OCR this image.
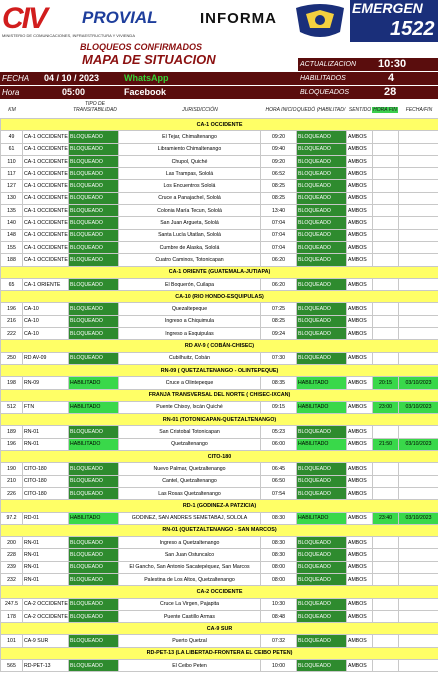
CIV
MINISTERIO DE COMUNICACIONES, INFRAESTRUCTURA Y VIVIENDA
PROVIAL	INFORMA
EMERGEN
1522
BLOQUEOS CONFIRMADOS
MAPA DE SITUACION
FECHA 04 / 10 / 2023	WhatsApp
Hora	05:00	Facebook
ACTUALIZACION 10:30
HABILITADOS	4
BLOQUEADOS	28
KM
TIPO DE TRANSITABILIDAD	JURISDICCIÓN	HORA INICIO QUEDÓ (HABILITAD/ SENTIDO HORA FIN	FECHA/FIN
CA-1 OCCIDENTE								
49	CA-1 OCCIDENTE	BLOQUEADO	El Tejar, Chimaltenango	09:20	BLOQUEADO	AMBOS		
61	CA-1 OCCIDENTE	BLOQUEADO	Libramiento Chimaltenango	09:40	BLOQUEADO	AMBOS		
110	CA-1 OCCIDENTE	BLOQUEADO	Chupol, Quiché	09:20	BLOQUEADO	AMBOS		
117	CA-1 OCCIDENTE	BLOQUEADO	Las Trampas, Sololá	06:52	BLOQUEADO	AMBOS		
127	CA-1 OCCIDENTE	BLOQUEADO	Los Encuentros Sololá	08:25	BLOQUEADO	AMBOS		
130	CA-1 OCCIDENTE	BLOQUEADO	Cruce a Panajachel, Sololá	08:25	BLOQUEADO	AMBOS		
135	CA-1 OCCIDENTE	BLOQUEADO	Colonia María Tecun, Sololá	13:40	BLOQUEADO	AMBOS		
140	CA-1 OCCIDENTE	BLOQUEADO	San Juan Argueta, Sololá	07:04	BLOQUEADO	AMBOS		
148	CA-1 OCCIDENTE	BLOQUEADO	Santa Lucía Utatlan, Sololá	07:04	BLOQUEADO	AMBOS		
155	CA-1 OCCIDENTE	BLOQUEADO	Cumbre de Alaska, Sololá	07:04	BLOQUEADO	AMBOS		
188	CA-1 OCCIDENTE	BLOQUEADO	Cuatro Caminos, Totonicapan	06:20	BLOQUEADO	AMBOS		
CA-1 ORIENTE (GUATEMALA-JUTIAPA)								
65	CA-1 ORIENTE	BLOQUEADO	El Boquerón, Cuilapa	06:20	BLOQUEADO	AMBOS		
CA-10 (RIO HONDO-ESQUIPULAS)								
196	CA-10	BLOQUEADO	Quezaltepeque	07:25	BLOQUEADO	AMBOS		
216	CA-10	BLOQUEADO	Ingreso a Chiquimula	08:25	BLOQUEADO	AMBOS		
222	CA-10	BLOQUEADO	Ingreso a Esquipulas	09:24	BLOQUEADO	AMBOS		
RD AV-9 ( COBÁN-CHISEC)								
250	RD AV-09	BLOQUEADO	Cubilhuitz, Cobán	07:30	BLOQUEADO	AMBOS		
RN-09 ( QUETZALTENANGO - OLINTEPEQUE)								
198	RN-09	HABILITADO	Cruce a Olintepeque	08:35	HABILITADO	AMBOS	20:15	03/10/2023
FRANJA TRANSVERSAL DEL NORTE ( CHISEC-IXCAN)								
512	FTN	HABILITADO	Puente Chixoy, Ixcán Quiché	09:15	HABILITADO	AMBOS	23:00	03/10/2023
RN-01 (TOTONICAPAN-QUETZALTENANGO)								
189	RN-01	BLOQUEADO	San Cristobal Totonicapan	05:23	BLOQUEADO	AMBOS		
196	RN-01	HABILITADO	Quetzaltenango	06:00	HABILITADO	AMBOS	21:50	03/10/2023
CITO-180								
190	CITO-180	BLOQUEADO	Nuevo Palmar, Quetzaltenango	06:45	BLOQUEADO	AMBOS		
210	CITO-180	BLOQUEADO	Cantel, Quetzaltenango	06:50	BLOQUEADO	AMBOS		
226	CITO-180	BLOQUEADO	Las Rosas Quetzaltenango	07:54	BLOQUEADO	AMBOS		
RD-1 (GODINEZ-A PATZICIA)								
97.2	RD-01	HABILITADO	GODINEZ, SAN ANDRES SEMETABAJ, SOLOLA	08:30	HABILITADO	AMBOS	23:40	03/10/2023
RN-01 (QUETZALTENANGO - SAN MARCOS)								
200	RN-01	BLOQUEADO	Ingreso a Quetzaltenango	08:30	BLOQUEADO	AMBOS		
228	RN-01	BLOQUEADO	San Juan Ostuncalco	08:30	BLOQUEADO	AMBOS		
239	RN-01	BLOQUEADO	El Gancho, San Antonio Sacatepéquez, San Marcos	08:00	BLOQUEADO	AMBOS		
232	RN-01	BLOQUEADO	Palestina de Los Altos, Quetzaltenango	08:00	BLOQUEADO	AMBOS		
CA-2 OCCIDENTE								
247.5	CA-2 OCCIDENTE	BLOQUEADO	Cruce La Virgen, Pajapita	10:30	BLOQUEADO	AMBOS		
178	CA-2 OCCIDENTE	BLOQUEADO	Puente Castillo Armas	08:48	BLOQUEADO	AMBOS		
CA-9 SUR								
101	CA-9 SUR	BLOQUEADO	Puerto Quetzal	07:32	BLOQUEADO	AMBOS		
RD-PET-13 (LA LIBERTAD-FRONTERA EL CEIBO PETEN)								
565	RD-PET-13	BLOQUEADO	El Ceibo Peten	10:00	BLOQUEADO	AMBOS		
